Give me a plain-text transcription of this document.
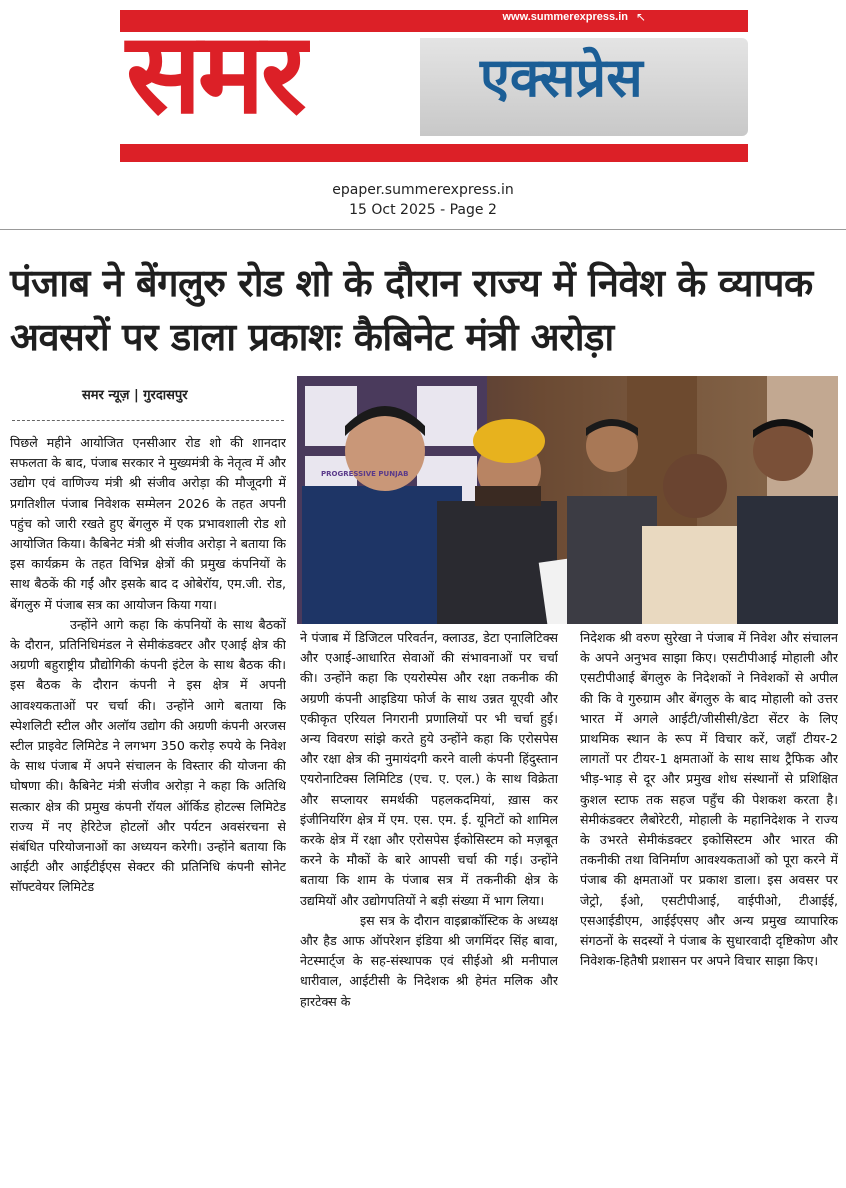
www.summerexpress.in ↖
समर	एक्सप्रेस
epaper.summerexpress.in
15 Oct 2025 - Page 2
पंजाब ने बेंगलुरु रोड शो के दौरान राज्य में निवेश के व्यापक अवसरों पर डाला प्रकाशः कैबिनेट मंत्री अरोड़ा
समर न्यूज़ | गुरदासपुर
PROGRESSIVE PUNJAB

पिछले महीने आयोजित एनसीआर रोड शो की शानदार सफलता के बाद, पंजाब सरकार ने मुख्यमंत्री के नेतृत्व में और उद्योग एवं वाणिज्य मंत्री श्री संजीव अरोड़ा की मौजूदगी में प्रगतिशील पंजाब निवेशक सम्मेलन 2026 के तहत अपनी पहुंच को जारी रखते हुए बेंगलुरु में एक प्रभावशाली रोड शो आयोजित किया। कैबिनेट मंत्री श्री संजीव अरोड़ा ने बताया कि इस कार्यक्रम के तहत विभिन्न क्षेत्रों की प्रमुख कंपनियों के साथ बैठकें की गईं और इसके बाद द ओबेरॉय, एम.जी. रोड, बेंगलुरु में पंजाब सत्र का आयोजन किया गया।

उन्होंने आगे कहा कि कंपनियों के साथ बैठकों के दौरान, प्रतिनिधिमंडल ने सेमीकंडक्टर और एआई क्षेत्र की अग्रणी बहुराष्ट्रीय प्रौद्योगिकी कंपनी इंटेल के साथ बैठक की। इस बैठक के दौरान कंपनी ने इस क्षेत्र में अपनी आवश्यकताओं पर चर्चा की। उन्होंने आगे बताया कि स्पेशलिटी स्टील और अलॉय उद्योग की अग्रणी कंपनी अरजस स्टील प्राइवेट लिमिटेड ने लगभग 350 करोड़ रुपये के निवेश के साथ पंजाब में अपने संचालन के विस्तार की योजना की घोषणा की। कैबिनेट मंत्री संजीव अरोड़ा ने कहा कि अतिथि सत्कार क्षेत्र की प्रमुख कंपनी रॉयल ऑर्किड होटल्स लिमिटेड राज्य में नए हेरिटेज होटलों और पर्यटन अवसंरचना से संबंधित परियोजनाओं का अध्ययन करेगी। उन्होंने बताया कि आईटी और आईटीईएस सेक्टर की प्रतिनिधि कंपनी सोनेट सॉफ्टवेयर लिमिटेड

ने पंजाब में डिजिटल परिवर्तन, क्लाउड, डेटा एनालिटिक्स और एआई-आधारित सेवाओं की संभावनाओं पर चर्चा की। उन्होंने कहा कि एयरोस्पेस और रक्षा तकनीक की अग्रणी कंपनी आइडिया फोर्ज के साथ उन्नत यूएवी और एकीकृत एरियल निगरानी प्रणालियों पर भी चर्चा हुई। अन्य विवरण सांझे करते हुये उन्होंने कहा कि एरोसपेस और रक्षा क्षेत्र की नुमायंदगी करने वाली कंपनी हिंदुस्तान एयरोनाटिक्स लिमिटिड (एच. ए. एल.) के साथ विक्रेता और सप्लायर समर्थकी पहलकदमियां, ख़ास कर इंजीनियरिंग क्षेत्र में एम. एस. एम. ई. यूनिटों को शामिल करके क्षेत्र में रक्षा और एरोसपेस ईकोसिस्टम को मज़बूत करने के मौकों के बारे आपसी चर्चा की गई। उन्होंने बताया कि शाम के पंजाब सत्र में तकनीकी क्षेत्र के उद्यमियों और उद्योगपतियों ने बड़ी संख्या में भाग लिया।

इस सत्र के दौरान वाइब्राकॉस्टिक के अध्यक्ष और हैड आफ ऑपरेशन इंडिया श्री जगमिंदर सिंह बावा, नेटस्मार्ट्ज के सह-संस्थापक एवं सीईओ श्री मनीपाल धारीवाल, आईटीसी के निदेशक श्री हेमंत मलिक और हारटेक्स के

निदेशक श्री वरुण सुरेखा ने पंजाब में निवेश और संचालन के अपने अनुभव साझा किए। एसटीपीआई मोहाली और एसटीपीआई बेंगलुरु के निदेशकों ने निवेशकों से अपील की कि वे गुरुग्राम और बेंगलुरु के बाद मोहाली को उत्तर भारत में अगले आईटी/जीसीसी/डेटा सेंटर के लिए प्राथमिक स्थान के रूप में विचार करें, जहाँ टीयर-2 लागतों पर टीयर-1 क्षमताओं के साथ साथ ट्रैफिक और भीड़-भाड़ से दूर और प्रमुख शोध संस्थानों से प्रशिक्षित कुशल स्टाफ तक सहज पहुँच की पेशकश करता है। सेमीकंडक्टर लैबोरेटरी, मोहाली के महानिदेशक ने राज्य के उभरते सेमीकंडक्टर इकोसिस्टम और भारत की तकनीकी तथा विनिर्माण आवश्यकताओं को पूरा करने में पंजाब की क्षमताओं पर प्रकाश डाला। इस अवसर पर जेट्रो, ईओ, एसटीपीआई, वाईपीओ, टीआईई, एसआईडीएम, आईईएसए और अन्य प्रमुख व्यापारिक संगठनों के सदस्यों ने पंजाब के सुधारवादी दृष्टिकोण और निवेशक-हितैषी प्रशासन पर अपने विचार साझा किए।
